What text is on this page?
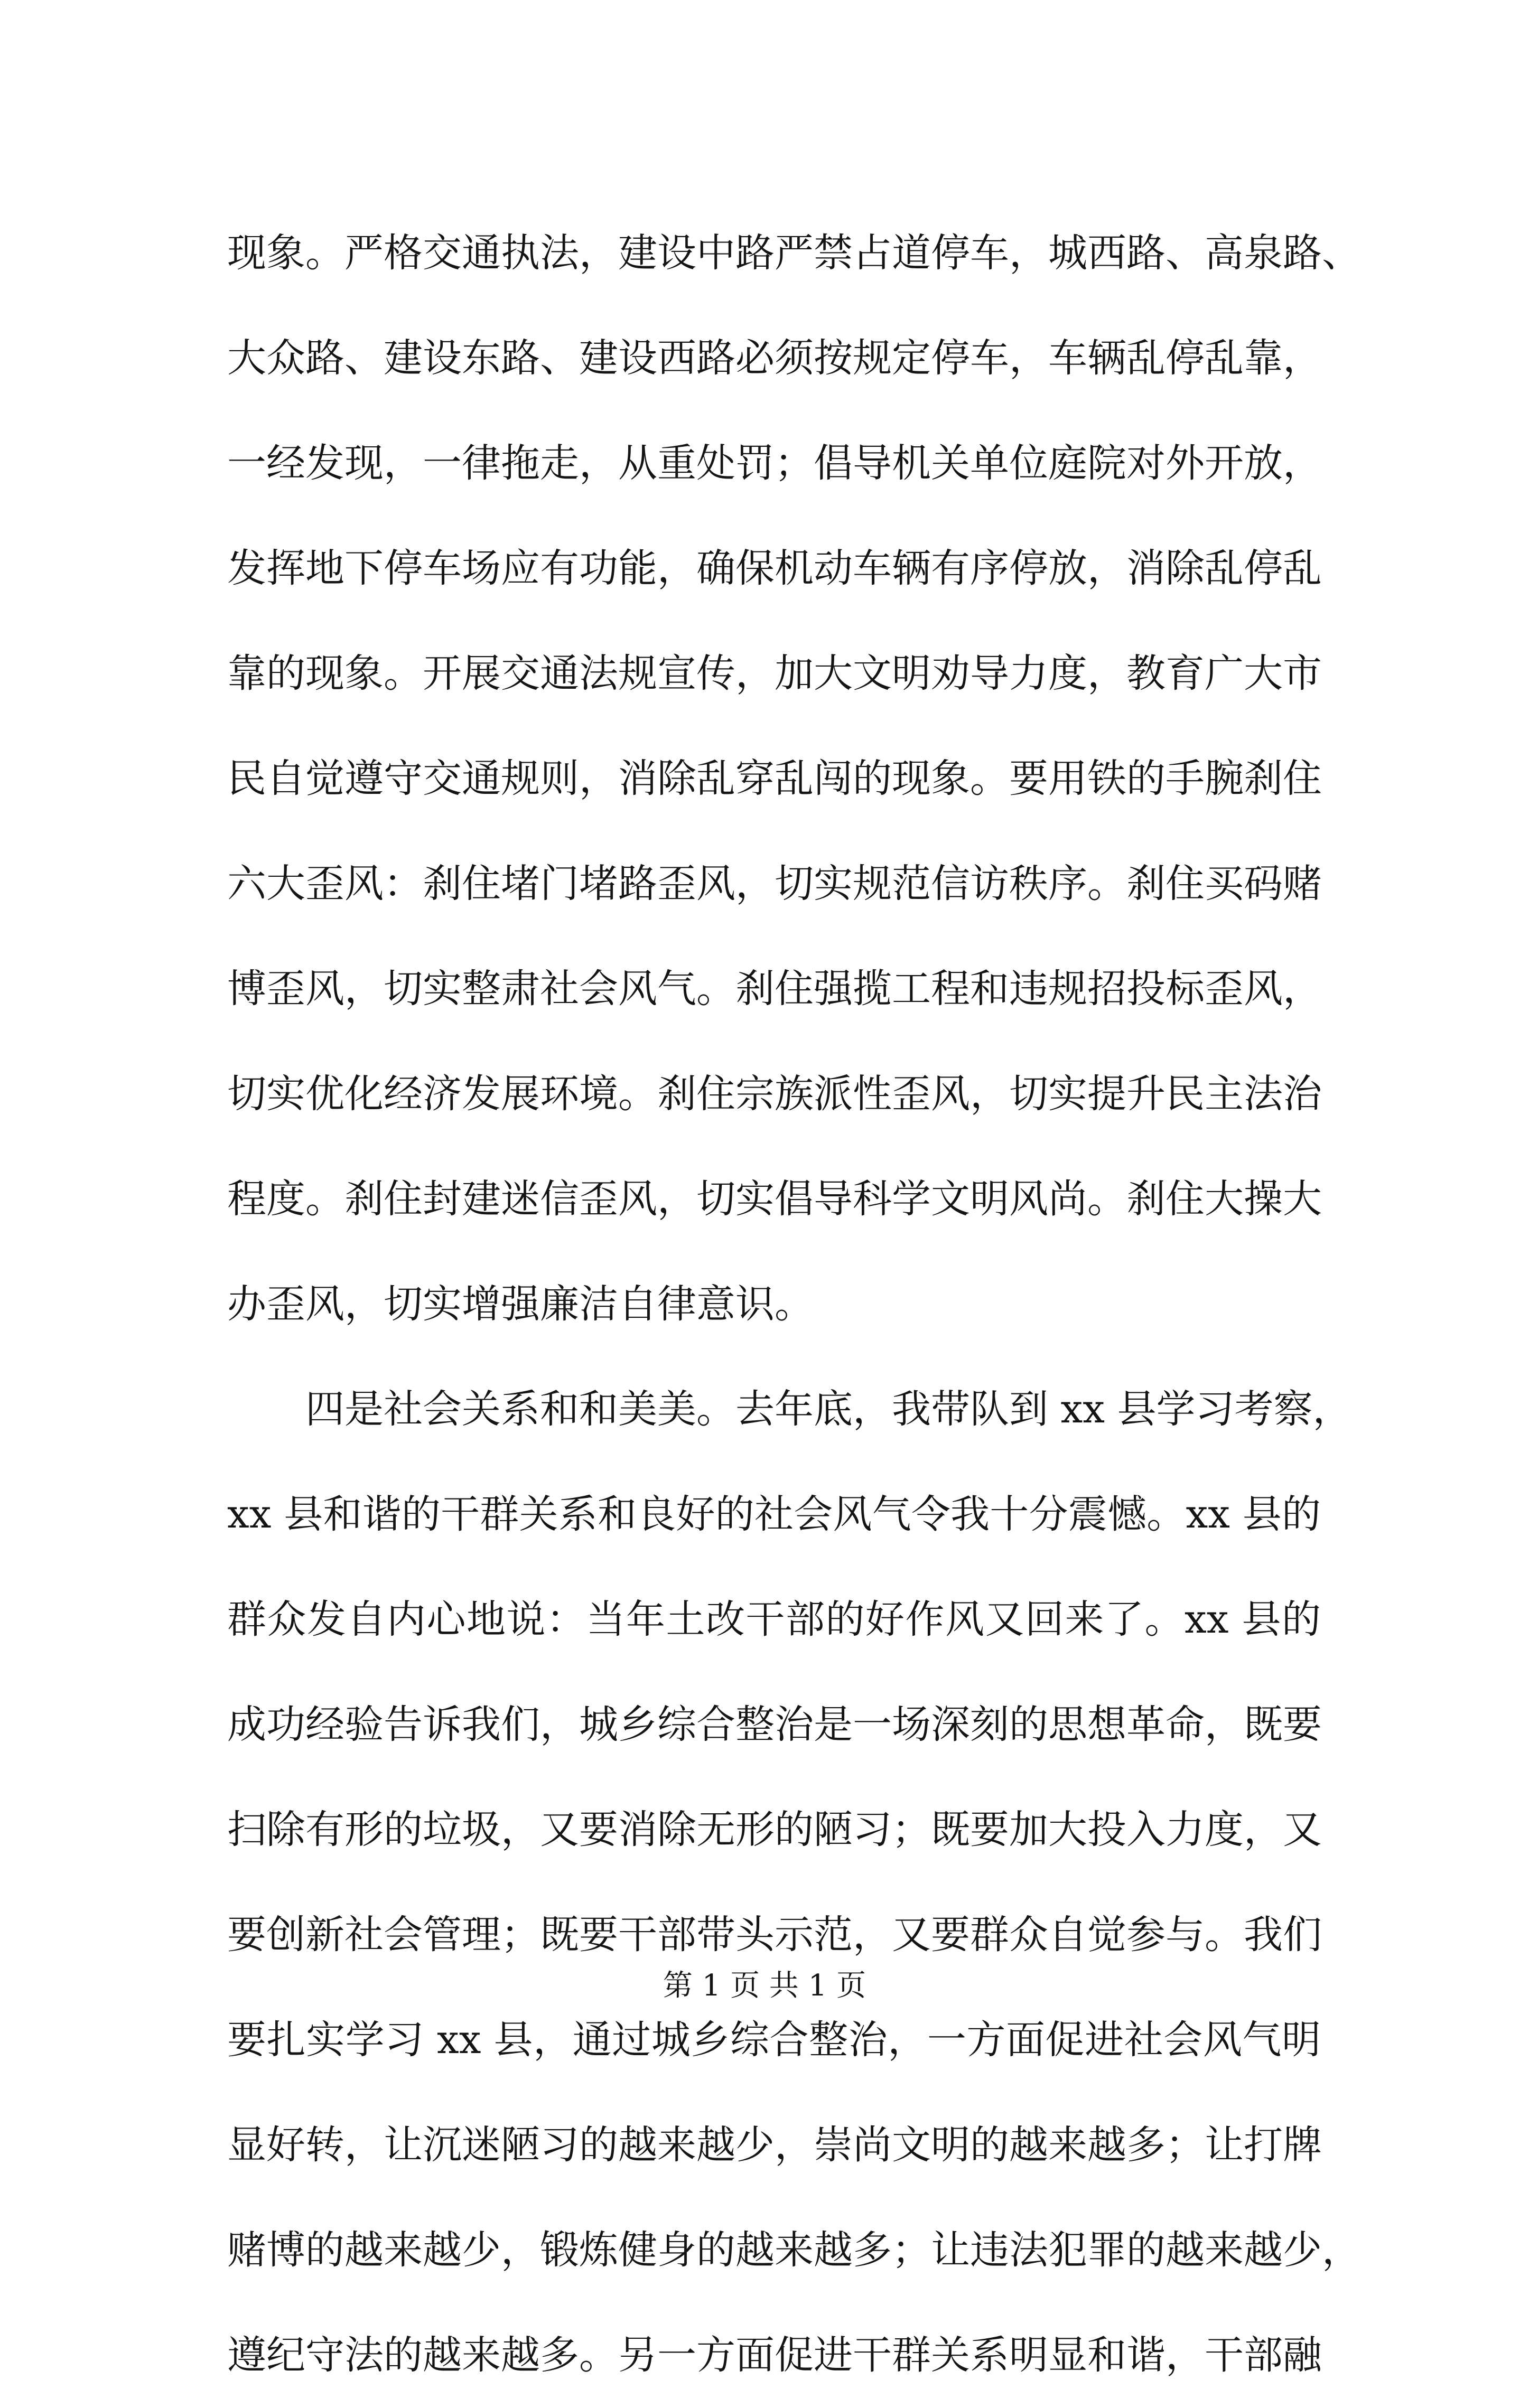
现象。严格交通执法，建设中路严禁占道停车，城西路、高泉路、
大众路、建设东路、建设西路必须按规定停车，车辆乱停乱靠，
一经发现，一律拖走，从重处罚；倡导机关单位庭院对外开放，
发挥地下停车场应有功能，确保机动车辆有序停放，消除乱停乱
靠的现象。开展交通法规宣传，加大文明劝导力度，教育广大市
民自觉遵守交通规则，消除乱穿乱闯的现象。要用铁的手腕刹住
六大歪风：刹住堵门堵路歪风，切实规范信访秩序。刹住买码赌
博歪风，切实整肃社会风气。刹住强揽工程和违规招投标歪风，
切实优化经济发展环境。刹住宗族派性歪风，切实提升民主法治
程度。刹住封建迷信歪风，切实倡导科学文明风尚。刹住大操大
办歪风，切实增强廉洁自律意识。
四是社会关系和和美美。去年底，我带队到 xx 县学习考察，
xx 县和谐的干群关系和良好的社会风气令我十分震憾。xx 县的
群众发自内心地说：当年土改干部的好作风又回来了。xx 县的
成功经验告诉我们，城乡综合整治是一场深刻的思想革命，既要
扫除有形的垃圾，又要消除无形的陋习；既要加大投入力度，又
要创新社会管理；既要干部带头示范，又要群众自觉参与。我们
要扎实学习 xx 县，通过城乡综合整治，一方面促进社会风气明
显好转，让沉迷陋习的越来越少，崇尚文明的越来越多；让打牌
赌博的越来越少，锻炼健身的越来越多；让违法犯罪的越来越少，
遵纪守法的越来越多。另一方面促进干群关系明显和谐，干部融
第 1 页 共 1 页
